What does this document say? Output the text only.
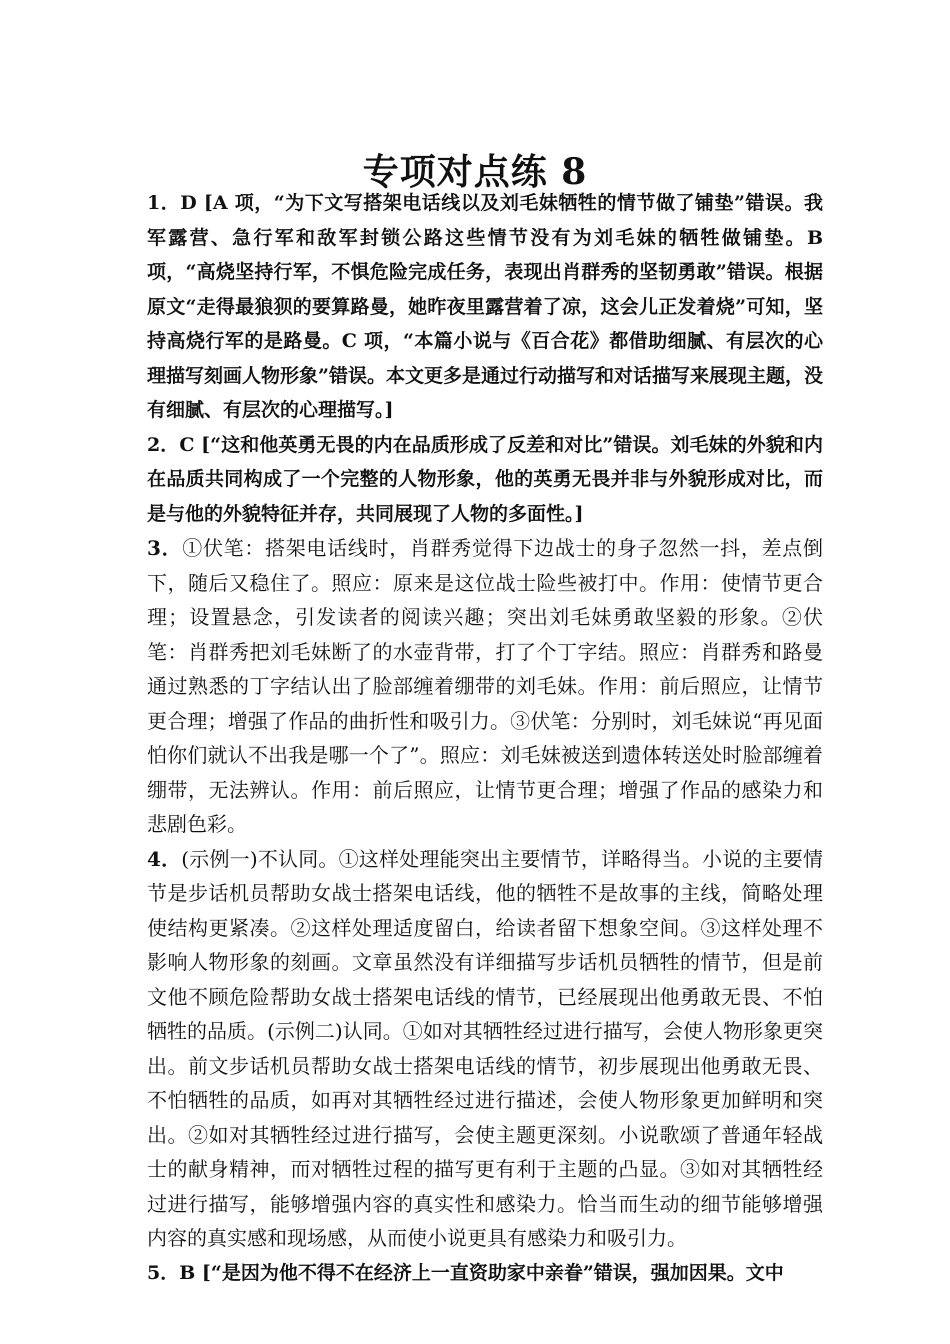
专项对点练 8

1．D [A 项，“为下文写搭架电话线以及刘毛妹牺牲的情节做了铺垫”错误。我军露营、急行军和敌军封锁公路这些情节没有为刘毛妹的牺牲做铺垫。B 项，“高烧坚持行军，不惧危险完成任务，表现出肖群秀的坚韧勇敢”错误。根据原文“走得最狼狈的要算路曼，她昨夜里露营着了凉，这会儿正发着烧”可知，坚持高烧行军的是路曼。C 项，“本篇小说与《百合花》都借助细腻、有层次的心理描写刻画人物形象”错误。本文更多是通过行动描写和对话描写来展现主题，没有细腻、有层次的心理描写。]

2．C [“这和他英勇无畏的内在品质形成了反差和对比”错误。刘毛妹的外貌和内在品质共同构成了一个完整的人物形象，他的英勇无畏并非与外貌形成对比，而是与他的外貌特征并存，共同展现了人物的多面性。]

3．①伏笔：搭架电话线时，肖群秀觉得下边战士的身子忽然一抖，差点倒下，随后又稳住了。照应：原来是这位战士险些被打中。作用：使情节更合理；设置悬念，引发读者的阅读兴趣；突出刘毛妹勇敢坚毅的形象。②伏笔：肖群秀把刘毛妹断了的水壶背带，打了个丁字结。照应：肖群秀和路曼通过熟悉的丁字结认出了脸部缠着绷带的刘毛妹。作用：前后照应，让情节更合理；增强了作品的曲折性和吸引力。③伏笔：分别时，刘毛妹说“再见面怕你们就认不出我是哪一个了”。照应：刘毛妹被送到遗体转送处时脸部缠着绷带，无法辨认。作用：前后照应，让情节更合理；增强了作品的感染力和悲剧色彩。

4．(示例一)不认同。①这样处理能突出主要情节，详略得当。小说的主要情节是步话机员帮助女战士搭架电话线，他的牺牲不是故事的主线，简略处理使结构更紧凑。②这样处理适度留白，给读者留下想象空间。③这样处理不影响人物形象的刻画。文章虽然没有详细描写步话机员牺牲的情节，但是前文他不顾危险帮助女战士搭架电话线的情节，已经展现出他勇敢无畏、不怕牺牲的品质。(示例二)认同。①如对其牺牲经过进行描写，会使人物形象更突出。前文步话机员帮助女战士搭架电话线的情节，初步展现出他勇敢无畏、不怕牺牲的品质，如再对其牺牲经过进行描述，会使人物形象更加鲜明和突出。②如对其牺牲经过进行描写，会使主题更深刻。小说歌颂了普通年轻战士的献身精神，而对牺牲过程的描写更有利于主题的凸显。③如对其牺牲经过进行描写，能够增强内容的真实性和感染力。恰当而生动的细节能够增强内容的真实感和现场感，从而使小说更具有感染力和吸引力。

5．B [“是因为他不得不在经济上一直资助家中亲眷”错误，强加因果。文中
